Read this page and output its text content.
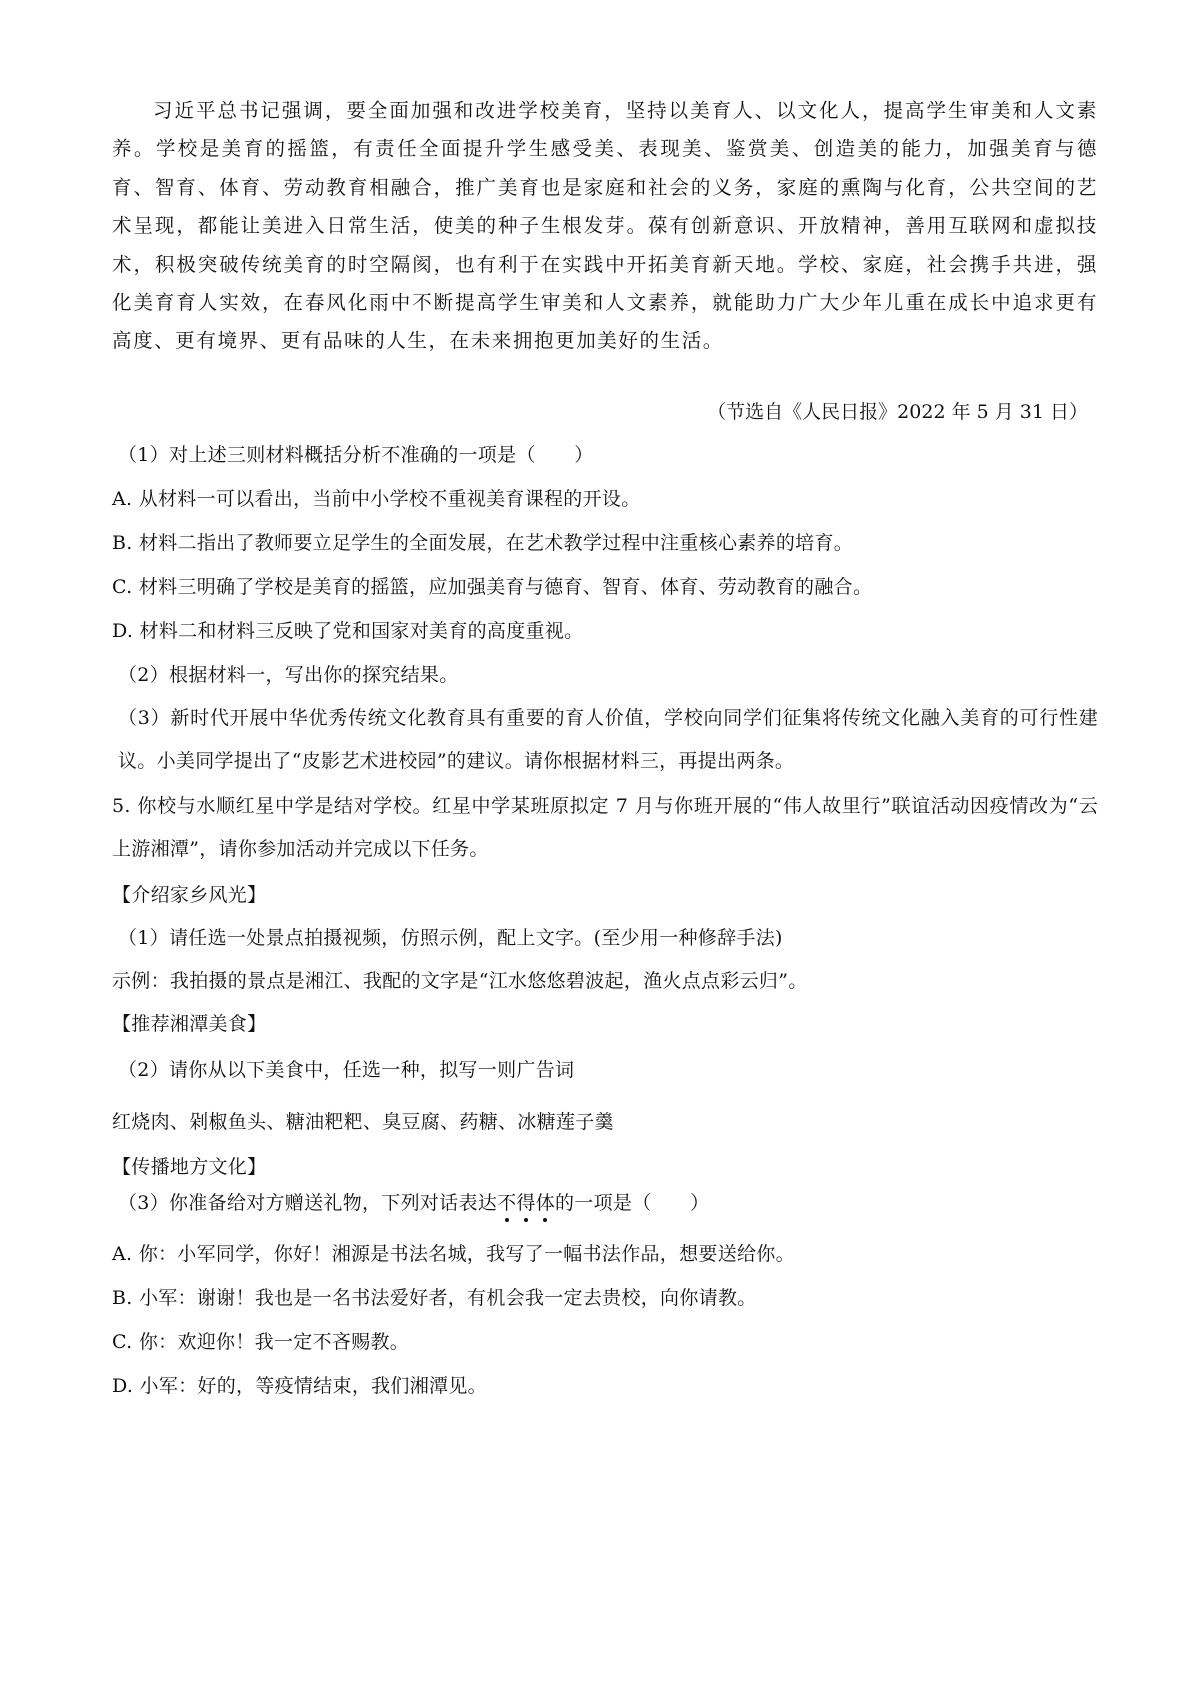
习近平总书记强调，要全面加强和改进学校美育，坚持以美育人、以文化人，提高学生审美和人文素养。学校是美育的摇篮，有责任全面提升学生感受美、表现美、鉴赏美、创造美的能力，加强美育与德育、智育、体育、劳动教育相融合，推广美育也是家庭和社会的义务，家庭的熏陶与化育，公共空间的艺术呈现，都能让美进入日常生活，使美的种子生根发芽。葆有创新意识、开放精神，善用互联网和虚拟技术，积极突破传统美育的时空隔阂，也有利于在实践中开拓美育新天地。学校、家庭，社会携手共进，强化美育育人实效，在春风化雨中不断提高学生审美和人文素养，就能助力广大少年儿重在成长中追求更有高度、更有境界、更有品味的人生，在未来拥抱更加美好的生活。
（节选自《人民日报》2022 年 5 月 31 日）
（1）对上述三则材料概括分析不准确的一项是（　　）
A. 从材料一可以看出，当前中小学校不重视美育课程的开设。
B. 材料二指出了教师要立足学生的全面发展，在艺术教学过程中注重核心素养的培育。
C. 材料三明确了学校是美育的摇篮，应加强美育与德育、智育、体育、劳动教育的融合。
D. 材料二和材料三反映了党和国家对美育的高度重视。
（2）根据材料一，写出你的探究结果。
（3）新时代开展中华优秀传统文化教育具有重要的育人价值，学校向同学们征集将传统文化融入美育的可行性建议。小美同学提出了“皮影艺术进校园”的建议。请你根据材料三，再提出两条。
5. 你校与水顺红星中学是结对学校。红星中学某班原拟定 7 月与你班开展的“伟人故里行”联谊活动因疫情改为“云上游湘潭”，请你参加活动并完成以下任务。
【介绍家乡风光】
（1）请任选一处景点拍摄视频，仿照示例，配上文字。(至少用一种修辞手法)
示例：我拍摄的景点是湘江、我配的文字是“江水悠悠碧波起，渔火点点彩云归”。
【推荐湘潭美食】
（2）请你从以下美食中，任选一种，拟写一则广告词
红烧肉、剁椒鱼头、糖油粑粑、臭豆腐、药糖、冰糖莲子羹
【传播地方文化】
（3）你准备给对方赠送礼物，下列对话表达不得体
的一项是（　　）
A. 你：小军同学，你好！湘源是书法名城，我写了一幅书法作品，想要送给你。
B. 小军：谢谢！我也是一名书法爱好者，有机会我一定去贵校，向你请教。
C. 你：欢迎你！我一定不吝赐教。
D. 小军：好的，等疫情结束，我们湘潭见。
